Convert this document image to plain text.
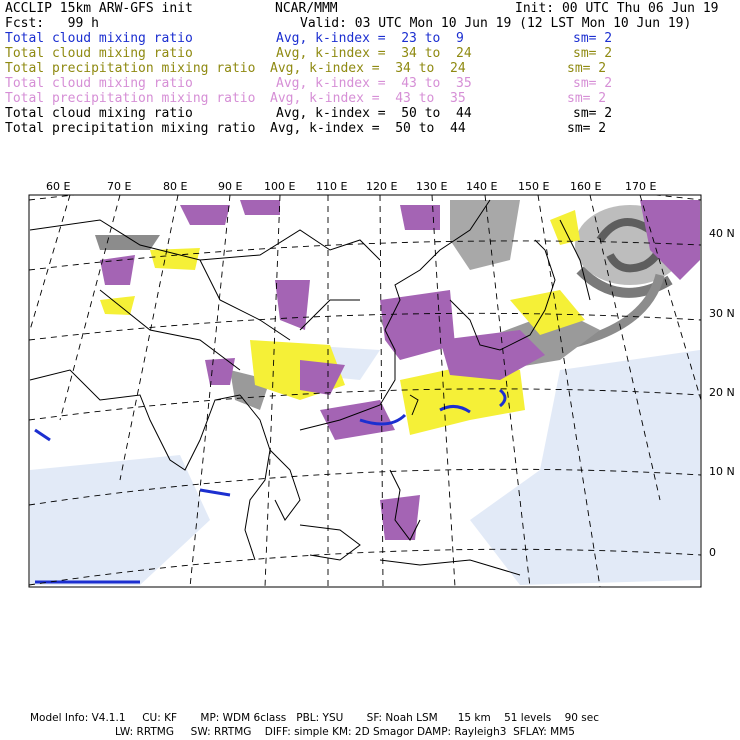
ACCLIP 15km ARW-GFS init	NCAR/MMM	Init: 00 UTC Thu 06 Jun 19
Fcst:   99 h	Valid: 03 UTC Mon 10 Jun 19 (12 LST Mon 10 Jun 19)
Total cloud mixing ratio	Avg, k-index =  23 to  9	sm= 2
Total cloud mixing ratio	Avg, k-index =  34 to  24	sm= 2
Total precipitation mixing ratio Avg, k-index =  34 to  24	sm= 2
Total cloud mixing ratio	Avg, k-index =  43 to  35	sm= 2
Total precipitation mixing ratio Avg, k-index =  43 to  35	sm= 2
Total cloud mixing ratio	Avg, k-index =  50 to  44	sm= 2
Total precipitation mixing ratio Avg, k-index =  50 to  44	sm= 2
60 E	70 E	80 E	90 E 100 E 110 E 120 E 130 E 140 E 150 E 160 E 170 E
40 N
30 N
20 N
10 N
0
Model Info: V4.1.1     CU: KF       MP: WDM 6class   PBL: YSU       SF: Noah LSM      15 km    51 levels    90 sec
LW: RRTMG     SW: RRTMG    DIFF: simple KM: 2D Smagor DAMP: Rayleigh3  SFLAY: MM5
